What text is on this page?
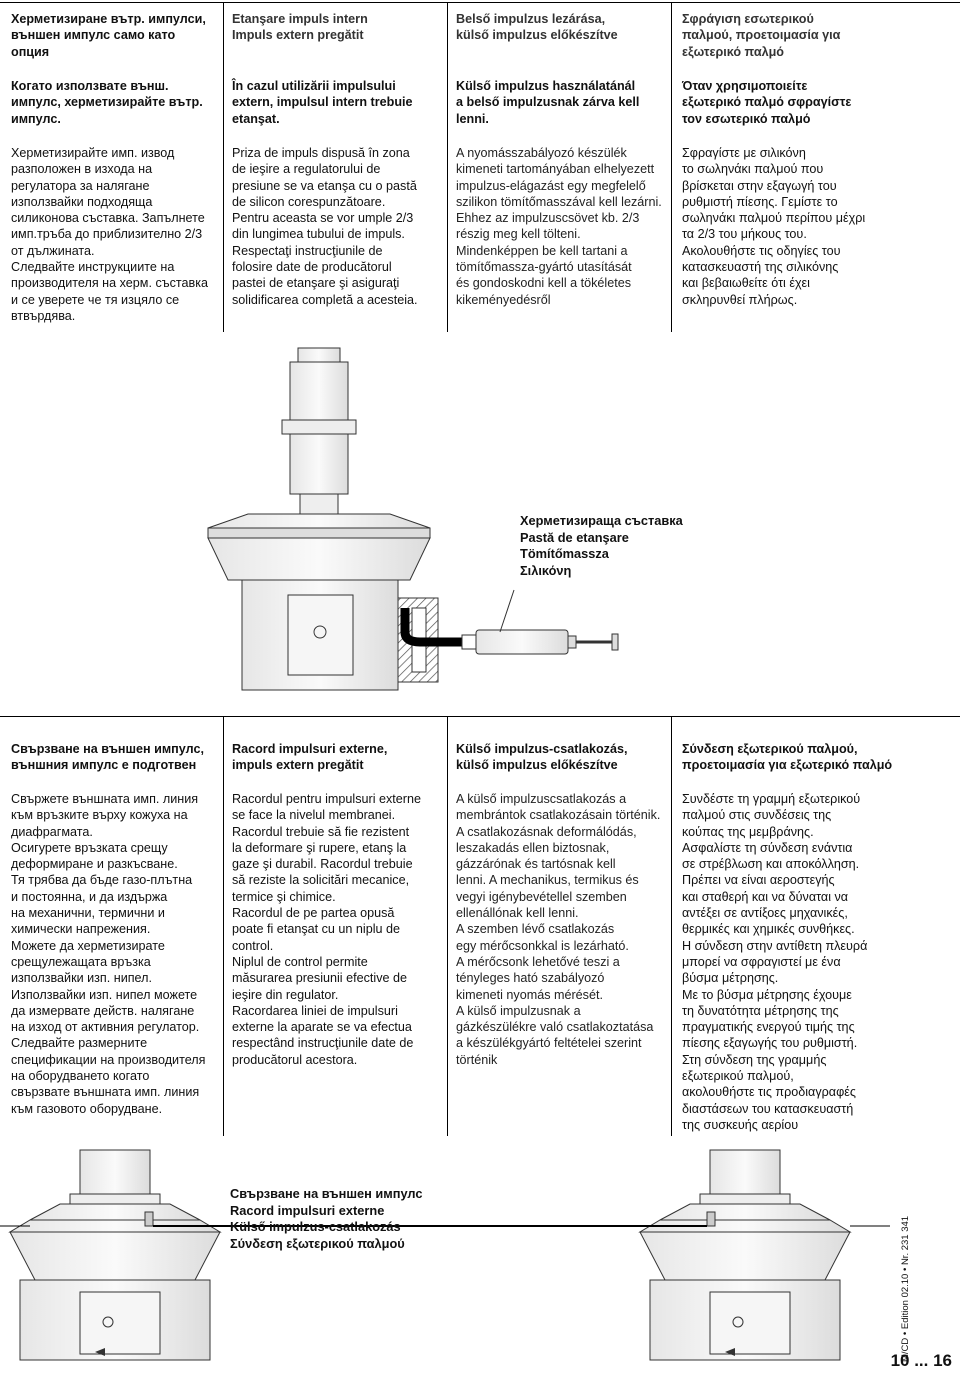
Херметизиране вътр. импулси,
външен импулс само като
опция
Etanşare impuls intern
Impuls extern pregătit
Belső impulzus lezárása,
külső impulzus előkészítve
Σφράγιση εσωτερικού
παλμού, προετοιμασία για
εξωτερικό παλμό
Когато използвате външ.
импулс, херметизирайте вътр.
импулс.
În cazul utilizării impulsului
extern, impulsul intern trebuie
etanşat.
Külső impulzus használatánál
a belső impulzusnak zárva kell
lenni.
Όταν χρησιμοποιείτε
εξωτερικό παλμό σφραγίστε
τον εσωτερικό παλμό
Херметизирайте имп. извод
разположен в изхода на
регулатора за налягане
използвайки подходяща
силиконова съставка. Запълнете
имп.тръба до приблизително 2/3
от дължината.
Следвайте инструкциите на
производителя на херм. съставка
и се уверете че тя изцяло се
втвърдява.
Priza de impuls dispusă în zona
de ieşire a regulatorului de
presiune se va etanşa cu o pastă
de silicon corespunzătoare.
Pentru aceasta se vor umple 2/3
din lungimea tubului de impuls.
Respectaţi instrucţiunile de
folosire date de producătorul
pastei de etanşare şi asiguraţi
solidificarea completă a acesteia.
A nyomásszabályozó készülék
kimeneti tartományában elhelyezett
impulzus-elágazást egy megfelelő
szilikon tömítőmasszával kell lezárni.
Ehhez az impulzuscsövet kb. 2/3
részig meg kell tölteni.
Mindenképpen be kell tartani a
tömítőmassza-gyártó utasítását
és gondoskodni kell a tökéletes
kikeményedésről
Σφραγίστε με σιλικόνη
το σωληνάκι παλμού που
βρίσκεται στην εξαγωγή του
ρυθμιστή πίεσης. Γεμίστε το
σωληνάκι παλμού περίπου μέχρι
τα 2/3 του μήκους του.
Ακολουθήστε τις οδηγίες του
κατασκευαστή της σιλικόνης
και βεβαιωθείτε ότι έχει
σκληρυνθεί πλήρως.
Херметизираща съставка
Pastă de etanşare
Tömítőmassza
Σιλικόνη
Свързване на външен импулс,
външния импулс е подготвен
Racord impulsuri externe,
impuls extern pregătit
Külső impulzus-csatlakozás,
külső impulzus előkészítve
Σύνδεση εξωτερικού παλμού,
προετοιμασία για εξωτερικό παλμό
Свържете външната имп. линия
към връзките върху кожуха на
диафрагмата.
Осигурете връзката срещу
деформиране и разкъсване.
Тя трябва да бъде газо-плътна
и постоянна, и да издържа
на механични, термични и
химически напрежения.
Можете да херметизирате
срещулежащата връзка
използвайки изп. нипел.
Използвайки изп. нипел можете
да измервате действ. налягане
на изход от активния регулатор.
Следвайте размерните
спецификации на производителя
на оборудването когато
свързвате външната имп. линия
към газовото оборудване.
Racordul pentru impulsuri externe
se face la nivelul membranei.
Racordul trebuie să fie rezistent
la deformare şi rupere, etanş la
gaze şi durabil. Racordul trebuie
să reziste la solicitări mecanice,
termice şi chimice.
Racordul de pe partea opusă
poate fi etanşat cu un niplu de
control.
Niplul de control permite
măsurarea presiunii efective de
ieşire din regulator.
Racordarea liniei de impulsuri
externe la aparate se va efectua
respectând instrucţiunile date de
producătorul acestora.
A külső impulzuscsatlakozás a
membrántok csatlakozásain történik.
A csatlakozásnak deformálódás,
leszakadás ellen biztosnak,
gázzárónak és tartósnak kell
lenni. A mechanikus, termikus és
vegyi igénybevétellel szemben
ellenállónak kell lenni.
A szemben lévő csatlakozás
egy mérőcsonkkal is lezárható.
A mérőcsonk lehetővé teszi a
tényleges ható szabályozó
kimeneti nyomás mérését.
A külső impulzusnak a
gázkészülékre való csatlakoztatása
a készülékgyártó feltételei szerint
történik
Συνδέστε τη γραμμή εξωτερικού
παλμού στις συνδέσεις της
κούπας της μεμβράνης.
Ασφαλίστε τη σύνδεση ενάντια
σε στρέβλωση και αποκόλληση.
Πρέπει να είναι αεροστεγής
και σταθερή και να δύναται να
αντέξει σε αντίξοες μηχανικές,
θερμικές και χημικές συνθήκες.
Η σύνδεση στην αντίθετη πλευρά
μπορεί να σφραγιστεί με ένα
βύσμα μέτρησης.
Με το βύσμα μέτρησης έχουμε
τη δυνατότητα μέτρησης της
πραγματικής ενεργού τιμής της
πίεσης εξαγωγής του ρυθμιστή.
Στη σύνδεση της γραμμής
εξωτερικού παλμού,
ακολουθήστε τις προδιαγραφές
διαστάσεων του κατασκευαστή
της συσκευής αερίου
Свързване на външен импулс
Racord impulsuri externe
Külső impulzus-csatlakozás
Σύνδεση εξωτερικού παλμού	M/CD • Edition 02.10 • Nr. 231 341
10 ... 16
